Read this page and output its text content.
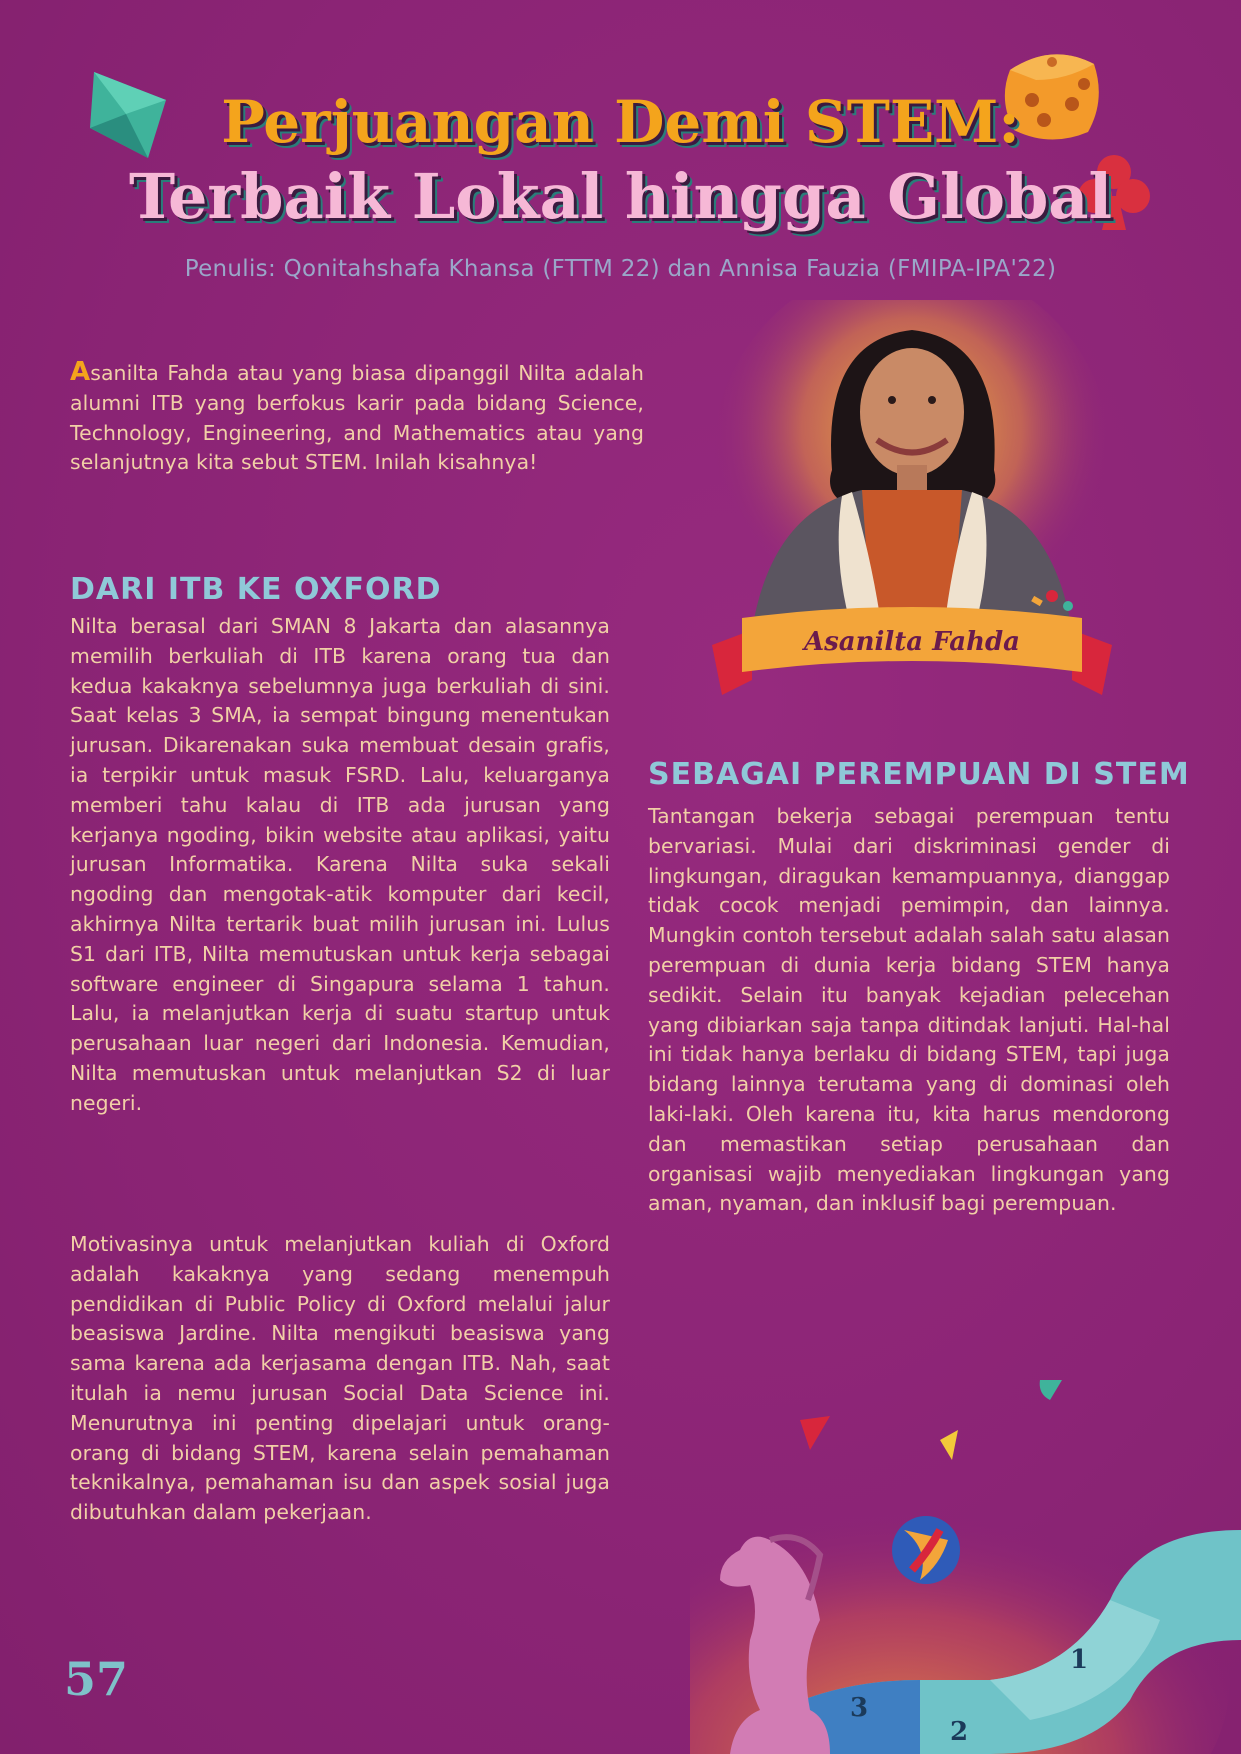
Perjuangan Demi STEM:
Terbaik Lokal hingga Global

Penulis: Qonitahshafa Khansa (FTTM 22) dan Annisa Fauzia (FMIPA-IPA'22)

Asanilta Fahda atau yang biasa dipanggil Nilta adalah alumni ITB yang berfokus karir pada bidang Science, Technology, Engineering, and Mathematics atau yang selanjutnya kita sebut STEM. Inilah kisahnya!

Asanilta Fahda
DARI ITB KE OXFORD

Nilta berasal dari SMAN 8 Jakarta dan alasannya memilih berkuliah di ITB karena orang tua dan kedua kakaknya sebelumnya juga berkuliah di sini. Saat kelas 3 SMA, ia sempat bingung menentukan jurusan. Dikarenakan suka membuat desain grafis, ia terpikir untuk masuk FSRD. Lalu, keluarganya memberi tahu kalau di ITB ada jurusan yang kerjanya ngoding, bikin website atau aplikasi, yaitu jurusan Informatika. Karena Nilta suka sekali ngoding dan mengotak-atik komputer dari kecil, akhirnya Nilta tertarik buat milih jurusan ini. Lulus S1 dari ITB, Nilta memutuskan untuk kerja sebagai software engineer di Singapura selama 1 tahun. Lalu, ia melanjutkan kerja di suatu startup untuk perusahaan luar negeri dari Indonesia. Kemudian, Nilta memutuskan untuk melanjutkan S2 di luar negeri.

Motivasinya untuk melanjutkan kuliah di Oxford adalah kakaknya yang sedang menempuh pendidikan di Public Policy di Oxford melalui jalur beasiswa Jardine. Nilta mengikuti beasiswa yang sama karena ada kerjasama dengan ITB. Nah, saat itulah ia nemu jurusan Social Data Science ini. Menurutnya ini penting dipelajari untuk orang-orang di bidang STEM, karena selain pemahaman teknikalnya, pemahaman isu dan aspek sosial juga dibutuhkan dalam pekerjaan.

SEBAGAI PEREMPUAN DI STEM

Tantangan bekerja sebagai perempuan tentu bervariasi. Mulai dari diskriminasi gender di lingkungan, diragukan kemampuannya, dianggap tidak cocok menjadi pemimpin, dan lainnya. Mungkin contoh tersebut adalah salah satu alasan perempuan di dunia kerja bidang STEM hanya sedikit. Selain itu banyak kejadian pelecehan yang dibiarkan saja tanpa ditindak lanjuti. Hal-hal ini tidak hanya berlaku di bidang STEM, tapi juga bidang lainnya terutama yang di dominasi oleh laki-laki. Oleh karena itu, kita harus mendorong dan memastikan setiap perusahaan dan organisasi wajib menyediakan lingkungan yang aman, nyaman, dan inklusif bagi perempuan.

1
2
3

57
